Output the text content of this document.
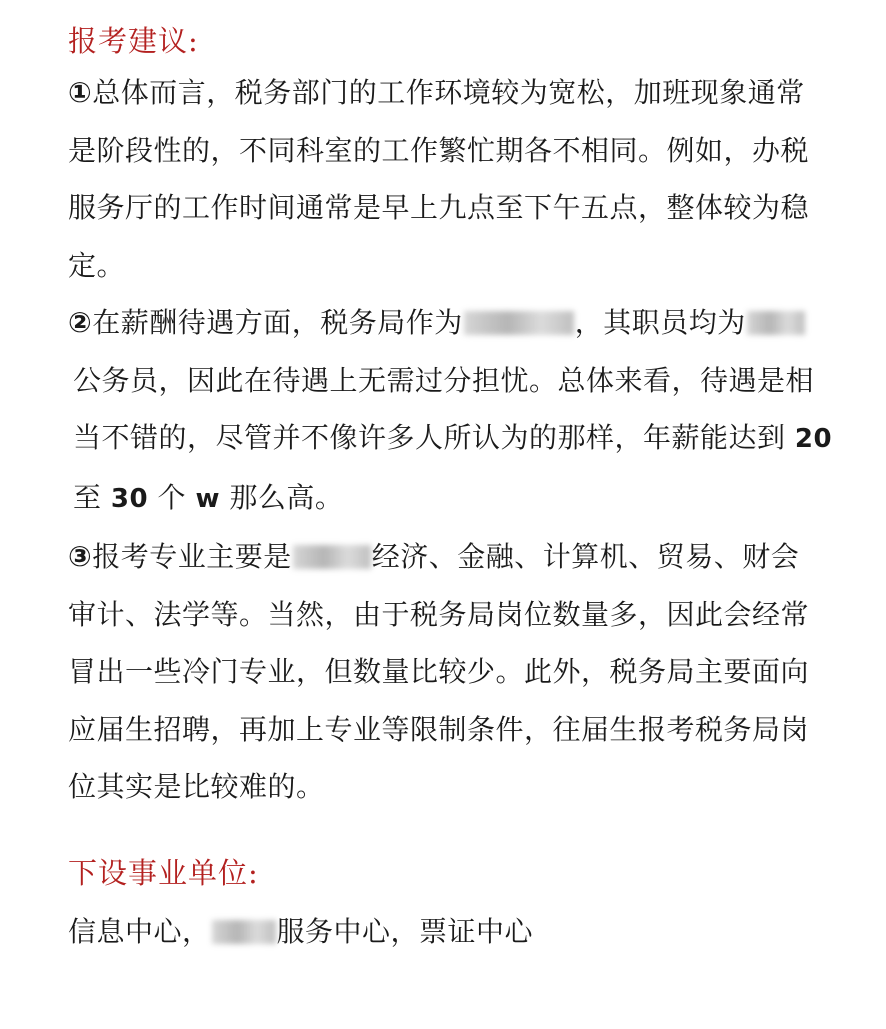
报考建议:

①总体而言，税务部门的工作环境较为宽松，加班现象通常
是阶段性的，不同科室的工作繁忙期各不相同。例如，办税
服务厅的工作时间通常是早上九点至下午五点，整体较为稳
定。

②在薪酬待遇方面，税务局作为	，其职员均为
公务员，因此在待遇上无需过分担忧。总体来看，待遇是相
当不错的，尽管并不像许多人所认为的那样，年薪能达到 20
至 30 个 w 那么高。

③报考专业主要是	经济、金融、计算机、贸易、财会
审计、法学等。当然，由于税务局岗位数量多，因此会经常
冒出一些冷门专业，但数量比较少。此外，税务局主要面向
应届生招聘，再加上专业等限制条件，往届生报考税务局岗
位其实是比较难的。

下设事业单位:

信息中心， 服务中心，票证中心
